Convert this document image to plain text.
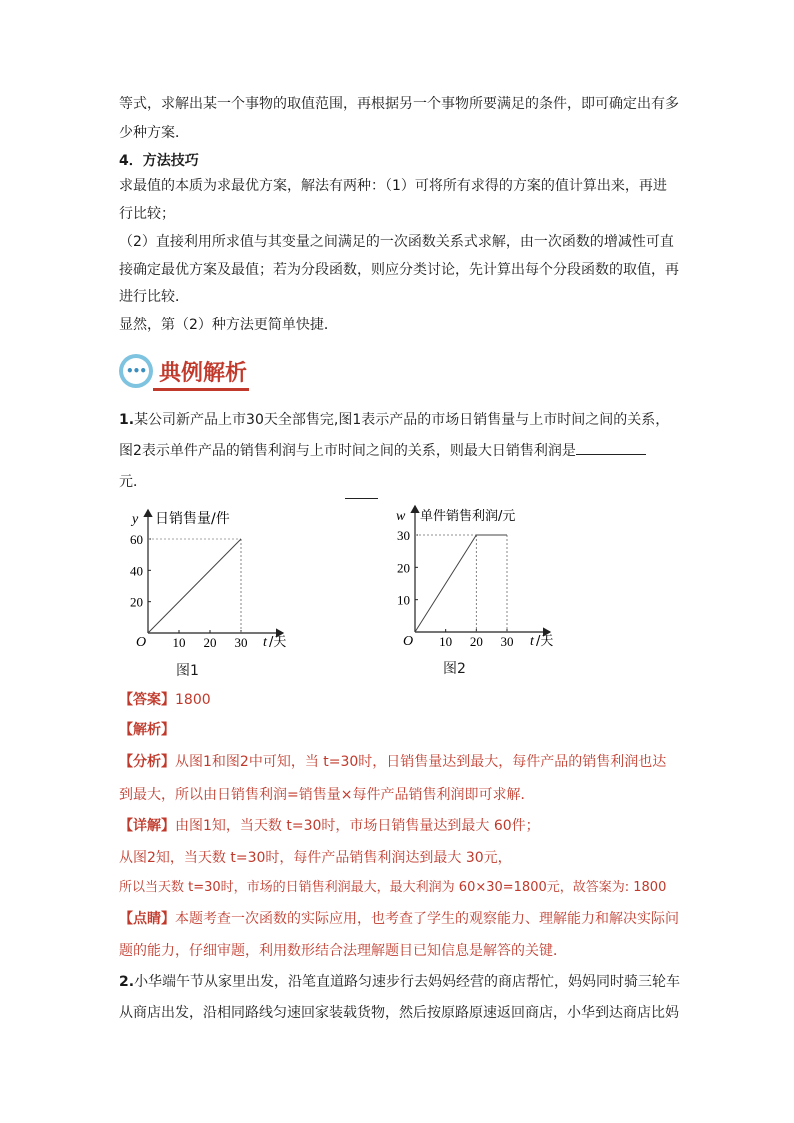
等式，求解出某一个事物的取值范围，再根据另一个事物所要满足的条件，即可确定出有多
少种方案．
4．方法技巧
求最值的本质为求最优方案，解法有两种：（1）可将所有求得的方案的值计算出来，再进
行比较；
（2）直接利用所求值与其变量之间满足的一次函数关系式求解，由一次函数的增减性可直
接确定最优方案及最值；若为分段函数，则应分类讨论，先计算出每个分段函数的取值，再
进行比较．
显然，第（2）种方法更简单快捷．
••• 典例解析
1.某公司新产品上市30天全部售完,图1表示产品的市场日销售量与上市时间之间的关系，
图2表示单件产品的销售利润与上市时间之间的关系，则最大日销售利润是
元．
10 20 30
20
40
60
O
y 日销售量/件
t /天
图1
10 20 30
10
20
30
O
w 单件销售利润/元
t /天
图2
【答案】1800
【解析】
【分析】从图1和图2中可知，当 t=30时，日销售量达到最大，每件产品的销售利润也达
到最大，所以由日销售利润=销售量×每件产品销售利润即可求解．
【详解】由图1知，当天数 t=30时，市场日销售量达到最大 60件；
从图2知，当天数 t=30时，每件产品销售利润达到最大 30元，
所以当天数 t=30时，市场的日销售利润最大，最大利润为 60×30=1800元，故答案为: 1800
【点睛】本题考查一次函数的实际应用，也考查了学生的观察能力、理解能力和解决实际问
题的能力，仔细审题，利用数形结合法理解题目已知信息是解答的关键．
2.小华端午节从家里出发，沿笔直道路匀速步行去妈妈经营的商店帮忙，妈妈同时骑三轮车
从商店出发，沿相同路线匀速回家装载货物，然后按原路原速返回商店，小华到达商店比妈
